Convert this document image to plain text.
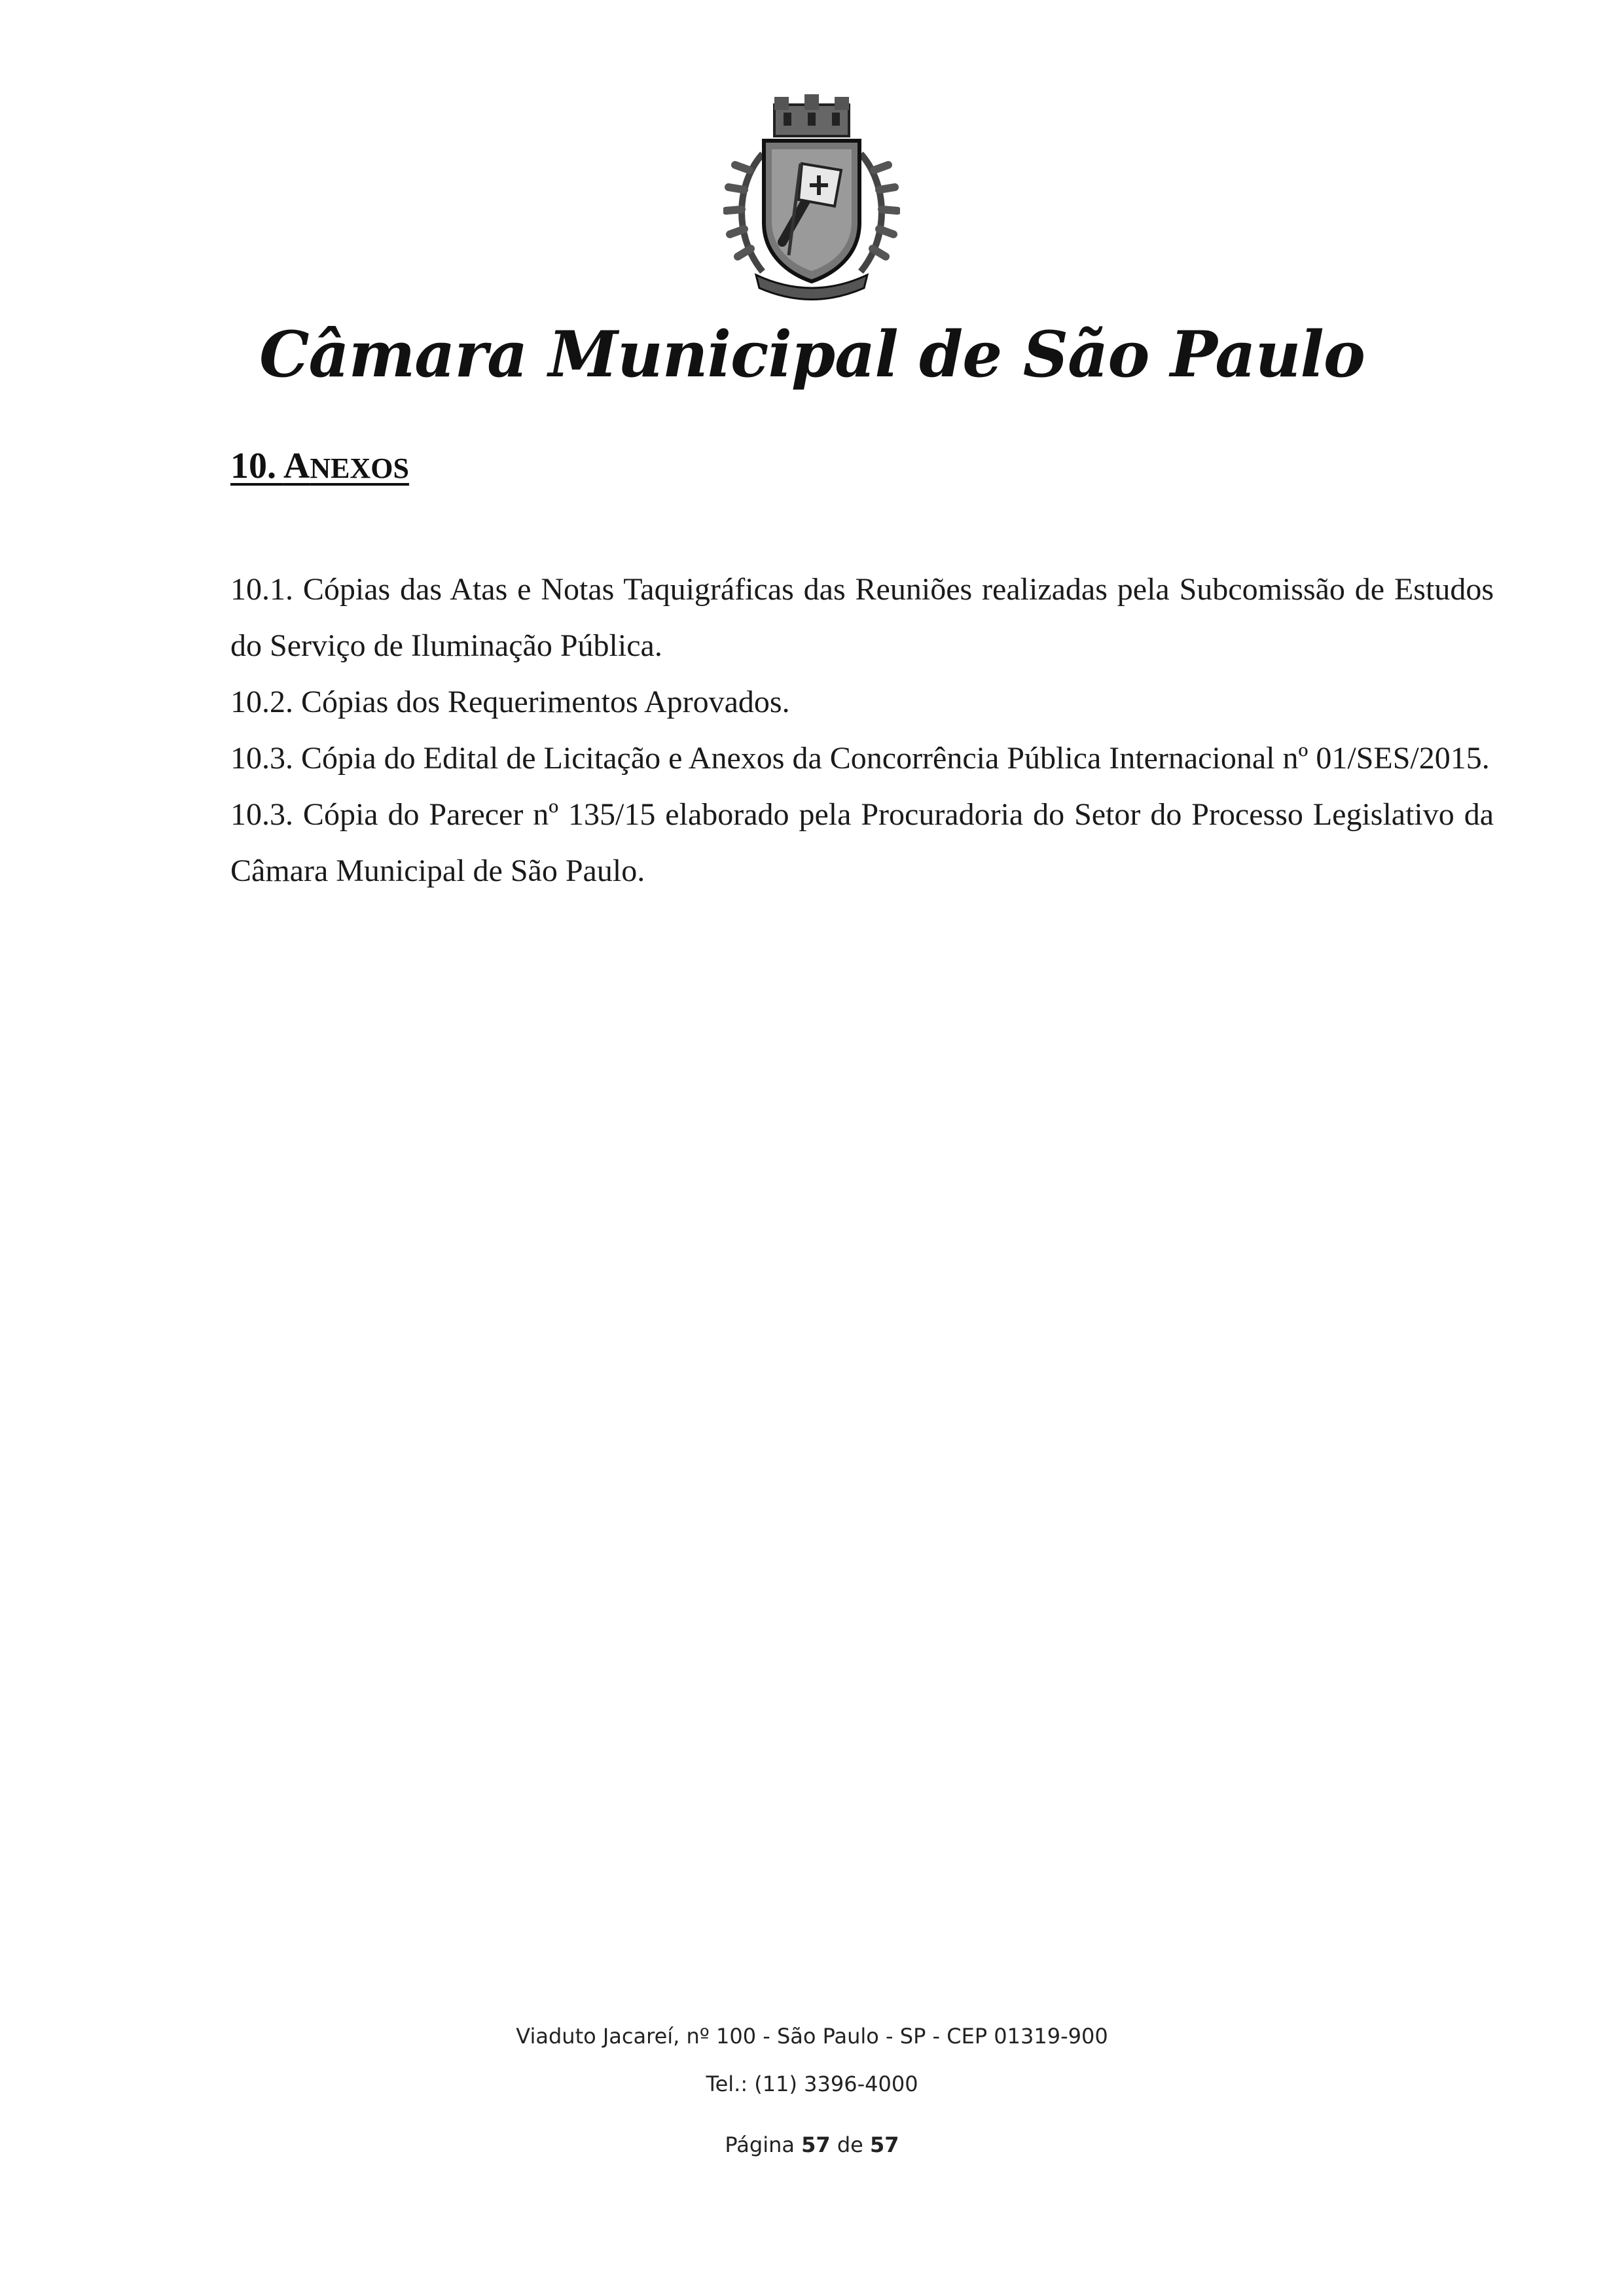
Câmara Municipal de São Paulo
10. ANEXOS

10.1. Cópias das Atas e Notas Taquigráficas das Reuniões realizadas pela Subcomissão de Estudos do Serviço de Iluminação Pública.

10.2. Cópias dos Requerimentos Aprovados.

10.3. Cópia do Edital de Licitação e Anexos da Concorrência Pública Internacional nº 01/SES/2015.

10.3. Cópia do Parecer nº 135/15 elaborado pela Procuradoria do Setor do Processo Legislativo da Câmara Municipal de São Paulo.

Viaduto Jacareí, nº 100 - São Paulo - SP - CEP 01319-900
Tel.: (11) 3396-4000
Página 57 de 57
